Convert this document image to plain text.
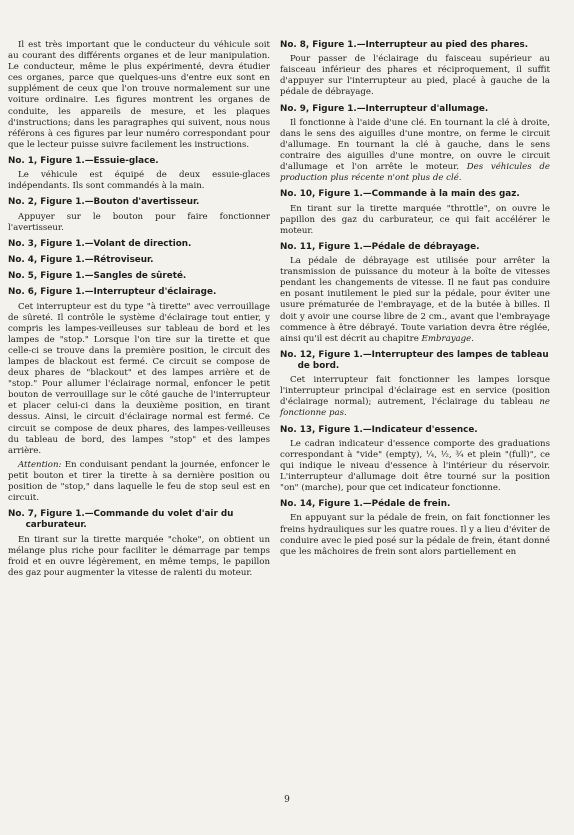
Il est très important que le conducteur du véhicule soit au courant des différents organes et de leur manipulation. Le conducteur, même le plus expérimenté, devra étudier ces organes, parce que quelques-uns d'entre eux sont en supplément de ceux que l'on trouve normalement sur une voiture ordinaire. Les figures montrent les organes de conduite, les appareils de mesure, et les plaques d'instructions; dans les paragraphes qui suivent, nous nous référons à ces figures par leur numéro correspondant pour que le lecteur puisse suivre facilement les instructions.

No. 1, Figure 1.—Essuie-glace.

Le véhicule est équipé de deux essuie-glaces indépendants. Ils sont commandés à la main.

No. 2, Figure 1.—Bouton d'avertisseur.

Appuyer sur le bouton pour faire fonctionner l'avertisseur.

No. 3, Figure 1.—Volant de direction.
No. 4, Figure 1.—Rétroviseur.
No. 5, Figure 1.—Sangles de sûreté.
No. 6, Figure 1.—Interrupteur d'éclairage.

Cet interrupteur est du type "à tirette" avec verrouillage de sûreté. Il contrôle le système d'éclairage tout entier, y compris les lampes-veilleuses sur tableau de bord et les lampes de "stop." Lorsque l'on tire sur la tirette et que celle-ci se trouve dans la première position, le circuit des lampes de blackout est fermé. Ce circuit se compose de deux phares de "blackout" et des lampes arrière et de "stop." Pour allumer l'éclairage normal, enfoncer le petit bouton de verrouillage sur le côté gauche de l'interrupteur et placer celui-ci dans la deuxième position, en tirant dessus. Ainsi, le circuit d'éclairage normal est fermé. Ce circuit se compose de deux phares, des lampes-veilleuses du tableau de bord, des lampes "stop" et des lampes arrière.

Attention: En conduisant pendant la journée, enfoncer le petit bouton et tirer la tirette à sa dernière position ou position de "stop," dans laquelle le feu de stop seul est en circuit.

No. 7, Figure 1.—Commande du volet d'air du carburateur.

En tirant sur la tirette marquée "choke", on obtient un mélange plus riche pour faciliter le démarrage par temps froid et en ouvre légèrement, en même temps, le papillon des gaz pour augmenter la vitesse de ralenti du moteur.

No. 8, Figure 1.—Interrupteur au pied des phares.

Pour passer de l'éclairage du faisceau supérieur au faisceau inférieur des phares et réciproquement, il suffit d'appuyer sur l'interrupteur au pied, placé à gauche de la pédale de débrayage.

No. 9, Figure 1.—Interrupteur d'allumage.

Il fonctionne à l'aide d'une clé. En tournant la clé à droite, dans le sens des aiguilles d'une montre, on ferme le circuit d'allumage. En tournant la clé à gauche, dans le sens contraire des aiguilles d'une montre, on ouvre le circuit d'allumage et l'on arrête le moteur. Des véhicules de production plus récente n'ont plus de clé.

No. 10, Figure 1.—Commande à la main des gaz.

En tirant sur la tirette marquée "throttle", on ouvre le papillon des gaz du carburateur, ce qui fait accélérer le moteur.

No. 11, Figure 1.—Pédale de débrayage.

La pédale de débrayage est utilisée pour arrêter la transmission de puissance du moteur à la boîte de vitesses pendant les changements de vitesse. Il ne faut pas conduire en posant inutilement le pied sur la pédale, pour éviter une usure prématurée de l'embrayage, et de la butée à billes. Il doit y avoir une course libre de 2 cm., avant que l'embrayage commence à être débrayé. Toute variation devra être réglée, ainsi qu'il est décrit au chapitre Embrayage.

No. 12, Figure 1.—Interrupteur des lampes de tableau de bord.

Cet interrupteur fait fonctionner les lampes lorsque l'interrupteur principal d'éclairage est en service (position d'éclairage normal); autrement, l'éclairage du tableau ne fonctionne pas.

No. 13, Figure 1.—Indicateur d'essence.

Le cadran indicateur d'essence comporte des graduations correspondant à "vide" (empty), ¼, ½, ¾ et plein "(full)", ce qui indique le niveau d'essence à l'intérieur du réservoir. L'interrupteur d'allumage doit être tourné sur la position "on" (marche), pour que cet indicateur fonctionne.

No. 14, Figure 1.—Pédale de frein.

En appuyant sur la pédale de frein, on fait fonctionner les freins hydrauliques sur les quatre roues. Il y a lieu d'éviter de conduire avec le pied posé sur la pédale de frein, étant donné que les mâchoires de frein sont alors partiellement en

9
